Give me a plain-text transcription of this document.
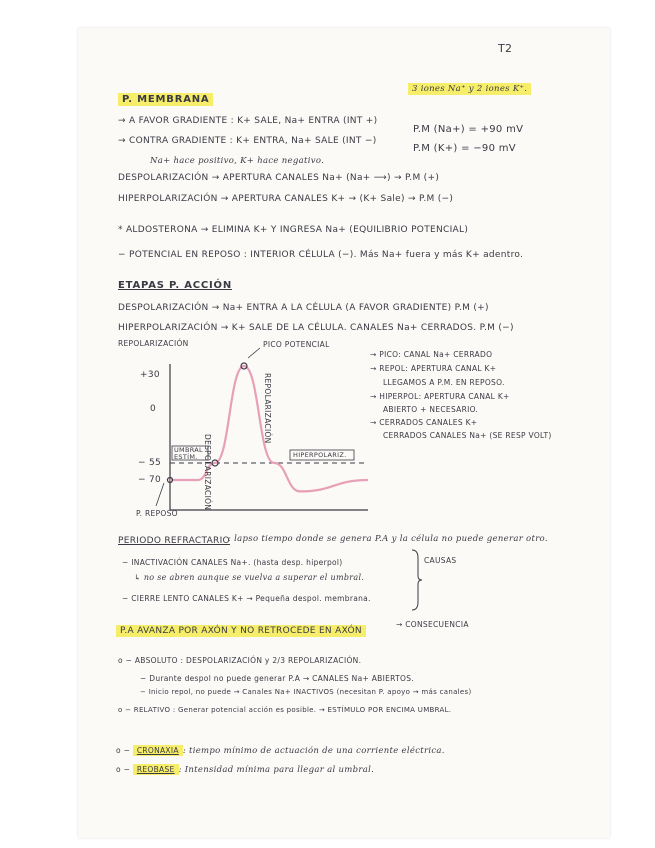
T2
P. MEMBRANA
3 iones Na⁺ y 2 iones K⁺.
→ A FAVOR GRADIENTE : K+ SALE, Na+ ENTRA (INT +)
→ CONTRA GRADIENTE : K+ ENTRA, Na+ SALE (INT −)
P.M (Na+) = +90 mV
P.M (K+) = −90 mV
Na+ hace positivo, K+ hace negativo.
DESPOLARIZACIÓN → APERTURA CANALES Na+ (Na+ ⟶) → P.M (+)
HIPERPOLARIZACIÓN → APERTURA CANALES K+ → (K+ Sale) → P.M (−)
* ALDOSTERONA → ELIMINA K+ Y INGRESA Na+ (EQUILIBRIO POTENCIAL)
− POTENCIAL EN REPOSO : INTERIOR CÉLULA (−). Más Na+ fuera y más K+ adentro.
ETAPAS P. ACCIÓN
DESPOLARIZACIÓN → Na+ ENTRA A LA CÉLULA (A FAVOR GRADIENTE) P.M (+)
HIPERPOLARIZACIÓN → K+ SALE DE LA CÉLULA. CANALES Na+ CERRADOS. P.M (−)
REPOLARIZACIÓN	PICO POTENCIAL
+30
0
− 55
− 70	DESPOLARIZACIÓN
REPOLARIZACIÓN
UMBRAL ESTÍM.	HIPERPOLARIZ.
P. REPOSO
→ PICO: CANAL Na+ CERRADO
→ REPOL: APERTURA CANAL K+
LLEGAMOS A P.M. EN REPOSO.
→ HIPERPOL: APERTURA CANAL K+
ABIERTO + NECESARIO.
→ CERRADOS CANALES K+
CERRADOS CANALES Na+ (SE RESP VOLT)
PERIODO REFRACTARIO
: lapso tiempo donde se genera P.A y la célula no puede generar otro.
− INACTIVACIÓN CANALES Na+. (hasta desp. hiperpol)
↳ no se abren aunque se vuelva a superar el umbral.
− CIERRE LENTO CANALES K+ → Pequeña despol. membrana.
CAUSAS
P.A AVANZA POR AXÓN Y NO RETROCEDE EN AXÓN
→ CONSECUENCIA
o − ABSOLUTO : DESPOLARIZACIÓN y 2/3 REPOLARIZACIÓN.
− Durante despol no puede generar P.A → CANALES Na+ ABIERTOS.
− Inicio repol, no puede → Canales Na+ INACTIVOS (necesitan P. apoyo → más canales)
o − RELATIVO : Generar potencial acción es posible. → ESTÍMULO POR ENCIMA UMBRAL.
o − CRONAXIA : tiempo mínimo de actuación de una corriente eléctrica.
o − REOBASE : Intensidad mínima para llegar al umbral.
